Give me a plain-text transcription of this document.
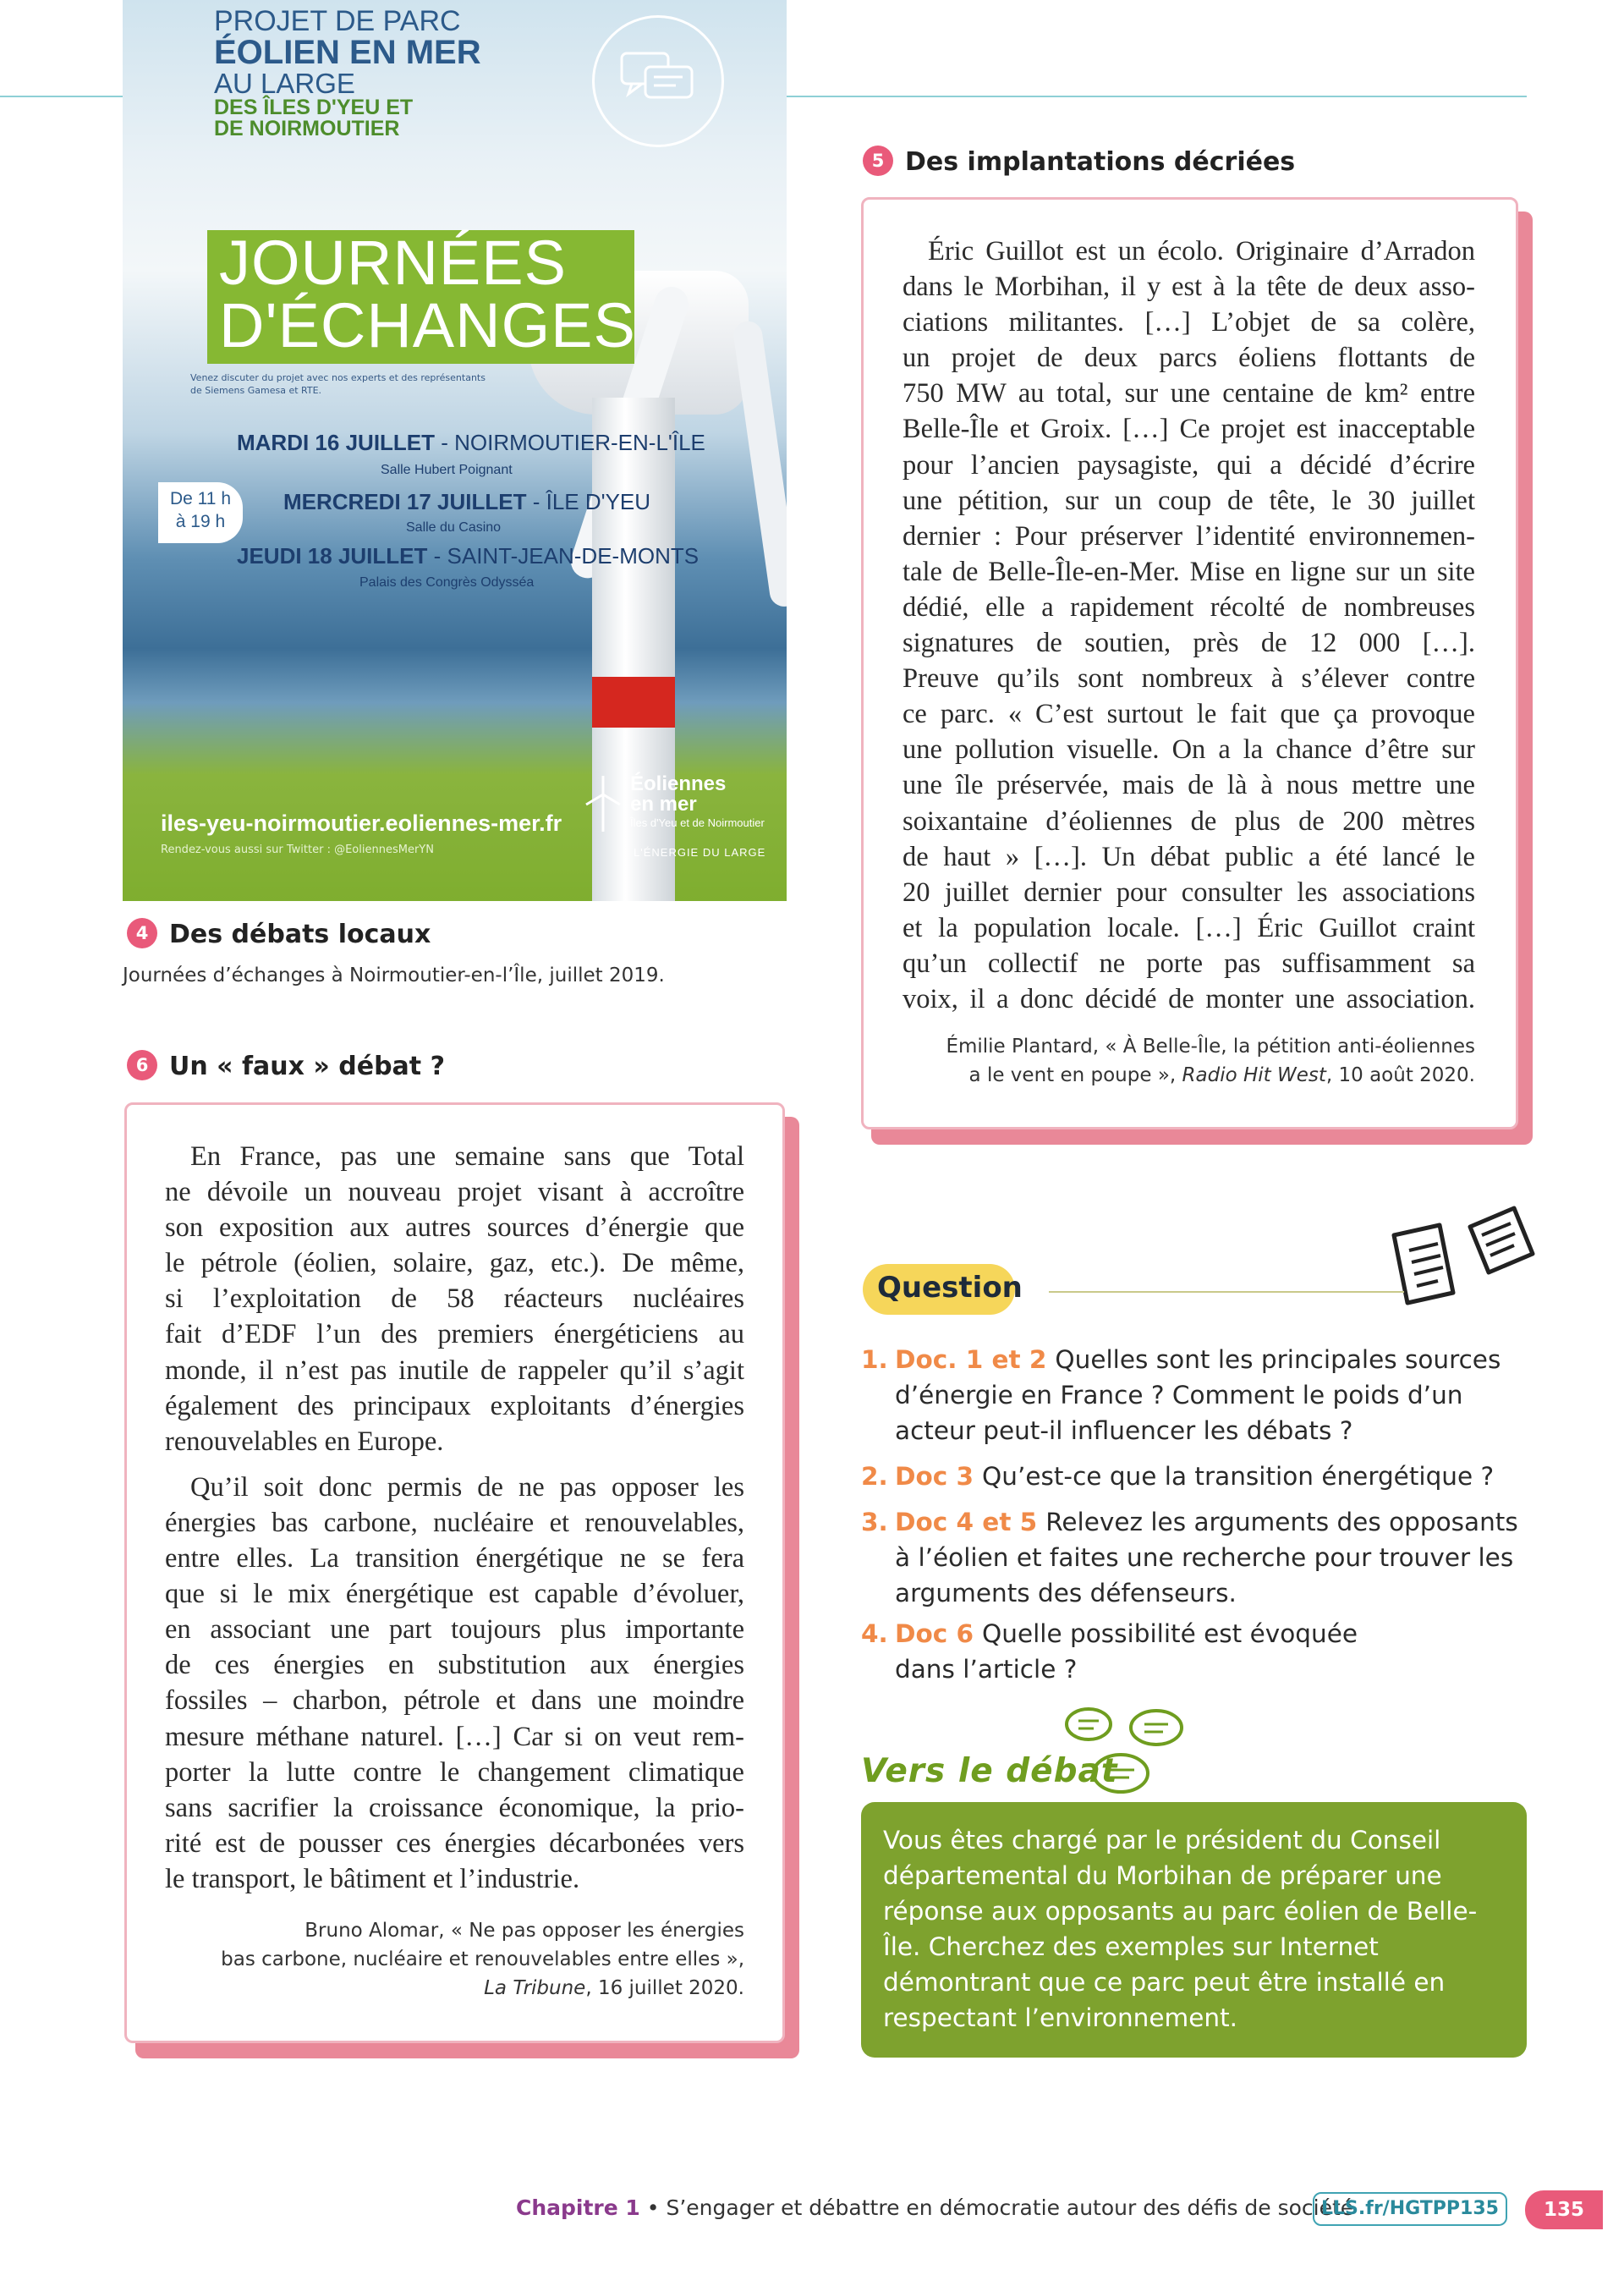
PROJET DE PARC
ÉOLIEN EN MER
AU LARGE
DES ÎLES D'YEU ET
DE NOIRMOUTIER
JOURNÉES
D'ÉCHANGES
Venez discuter du projet avec nos experts et des représentants de Siemens Gamesa et RTE.
De 11 h
à 19 h
MARDI 16 JUILLET - NOIRMOUTIER-EN-L'ÎLE
Salle Hubert Poignant
MERCREDI 17 JUILLET - ÎLE D'YEU
Salle du Casino
JEUDI 18 JUILLET - SAINT-JEAN-DE-MONTS
Palais des Congrès Odysséa
iles-yeu-noirmoutier.eoliennes-mer.fr
Rendez-vous aussi sur Twitter : @EoliennesMerYN
Éoliennes
en mer
Îles d'Yeu et de Noirmoutier
L'ÉNERGIE DU LARGE
4 Des débats locaux
Journées d’échanges à Noirmoutier-en-l’Île, juillet 2019.
5 Des implantations décriées
Éric Guillot est un écolo. Originaire d’Arradon
dans le Morbihan, il y est à la tête de deux asso-
ciations militantes. […] L’objet de sa colère,
un projet de deux parcs éoliens flottants de
750 MW au total, sur une centaine de km² entre
Belle-Île et Groix. […] Ce projet est inacceptable
pour l’ancien paysagiste, qui a décidé d’écrire
une pétition, sur un coup de tête, le 30 juillet
dernier : Pour préserver l’identité environnemen-
tale de Belle-Île-en-Mer. Mise en ligne sur un site
dédié, elle a rapidement récolté de nombreuses
signatures de soutien, près de 12 000 […].
Preuve qu’ils sont nombreux à s’élever contre
ce parc. « C’est surtout le fait que ça provoque
une pollution visuelle. On a la chance d’être sur
une île préservée, mais de là à nous mettre une
soixantaine d’éoliennes de plus de 200 mètres
de haut » […]. Un débat public a été lancé le
20 juillet dernier pour consulter les associations
et la population locale. […] Éric Guillot craint
qu’un collectif ne porte pas suffisamment sa
voix, il a donc décidé de monter une association.
Émilie Plantard, « À Belle-Île, la pétition anti-éoliennes
a le vent en poupe », Radio Hit West, 10 août 2020.
6 Un « faux » débat ?
En France, pas une semaine sans que Total
ne dévoile un nouveau projet visant à accroître
son exposition aux autres sources d’énergie que
le pétrole (éolien, solaire, gaz, etc.). De même,
si l’exploitation de 58 réacteurs nucléaires
fait d’EDF l’un des premiers énergéticiens au
monde, il n’est pas inutile de rappeler qu’il s’agit
également des principaux exploitants d’énergies
renouvelables en Europe.
Qu’il soit donc permis de ne pas opposer les
énergies bas carbone, nucléaire et renouvelables,
entre elles. La transition énergétique ne se fera
que si le mix énergétique est capable d’évoluer,
en associant une part toujours plus importante
de ces énergies en substitution aux énergies
fossiles – charbon, pétrole et dans une moindre
mesure méthane naturel. […] Car si on veut rem-
porter la lutte contre le changement climatique
sans sacrifier la croissance économique, la prio-
rité est de pousser ces énergies décarbonées vers
le transport, le bâtiment et l’industrie.
Bruno Alomar, « Ne pas opposer les énergies
bas carbone, nucléaire et renouvelables entre elles »,
La Tribune, 16 juillet 2020.
Question
1. Doc. 1 et 2 Quelles sont les principales sources d’énergie en France ? Comment le poids d’un acteur peut-il influencer les débats ?
2. Doc 3 Qu’est-ce que la transition énergétique ?
3. Doc 4 et 5 Relevez les arguments des opposants à l’éolien et faites une recherche pour trouver les arguments des défenseurs.
4. Doc 6 Quelle possibilité est évoquée dans l’article ?
Vers le débat
Vous êtes chargé par le président du Conseil départemental du Morbihan de préparer une réponse aux opposants au parc éolien de Belle-Île. Cherchez des exemples sur Internet démontrant que ce parc peut être installé en respectant l’environnement.
Chapitre 1 • S’engager et débattre en démocratie autour des défis de société
LLS.fr/HGTPP135	135
